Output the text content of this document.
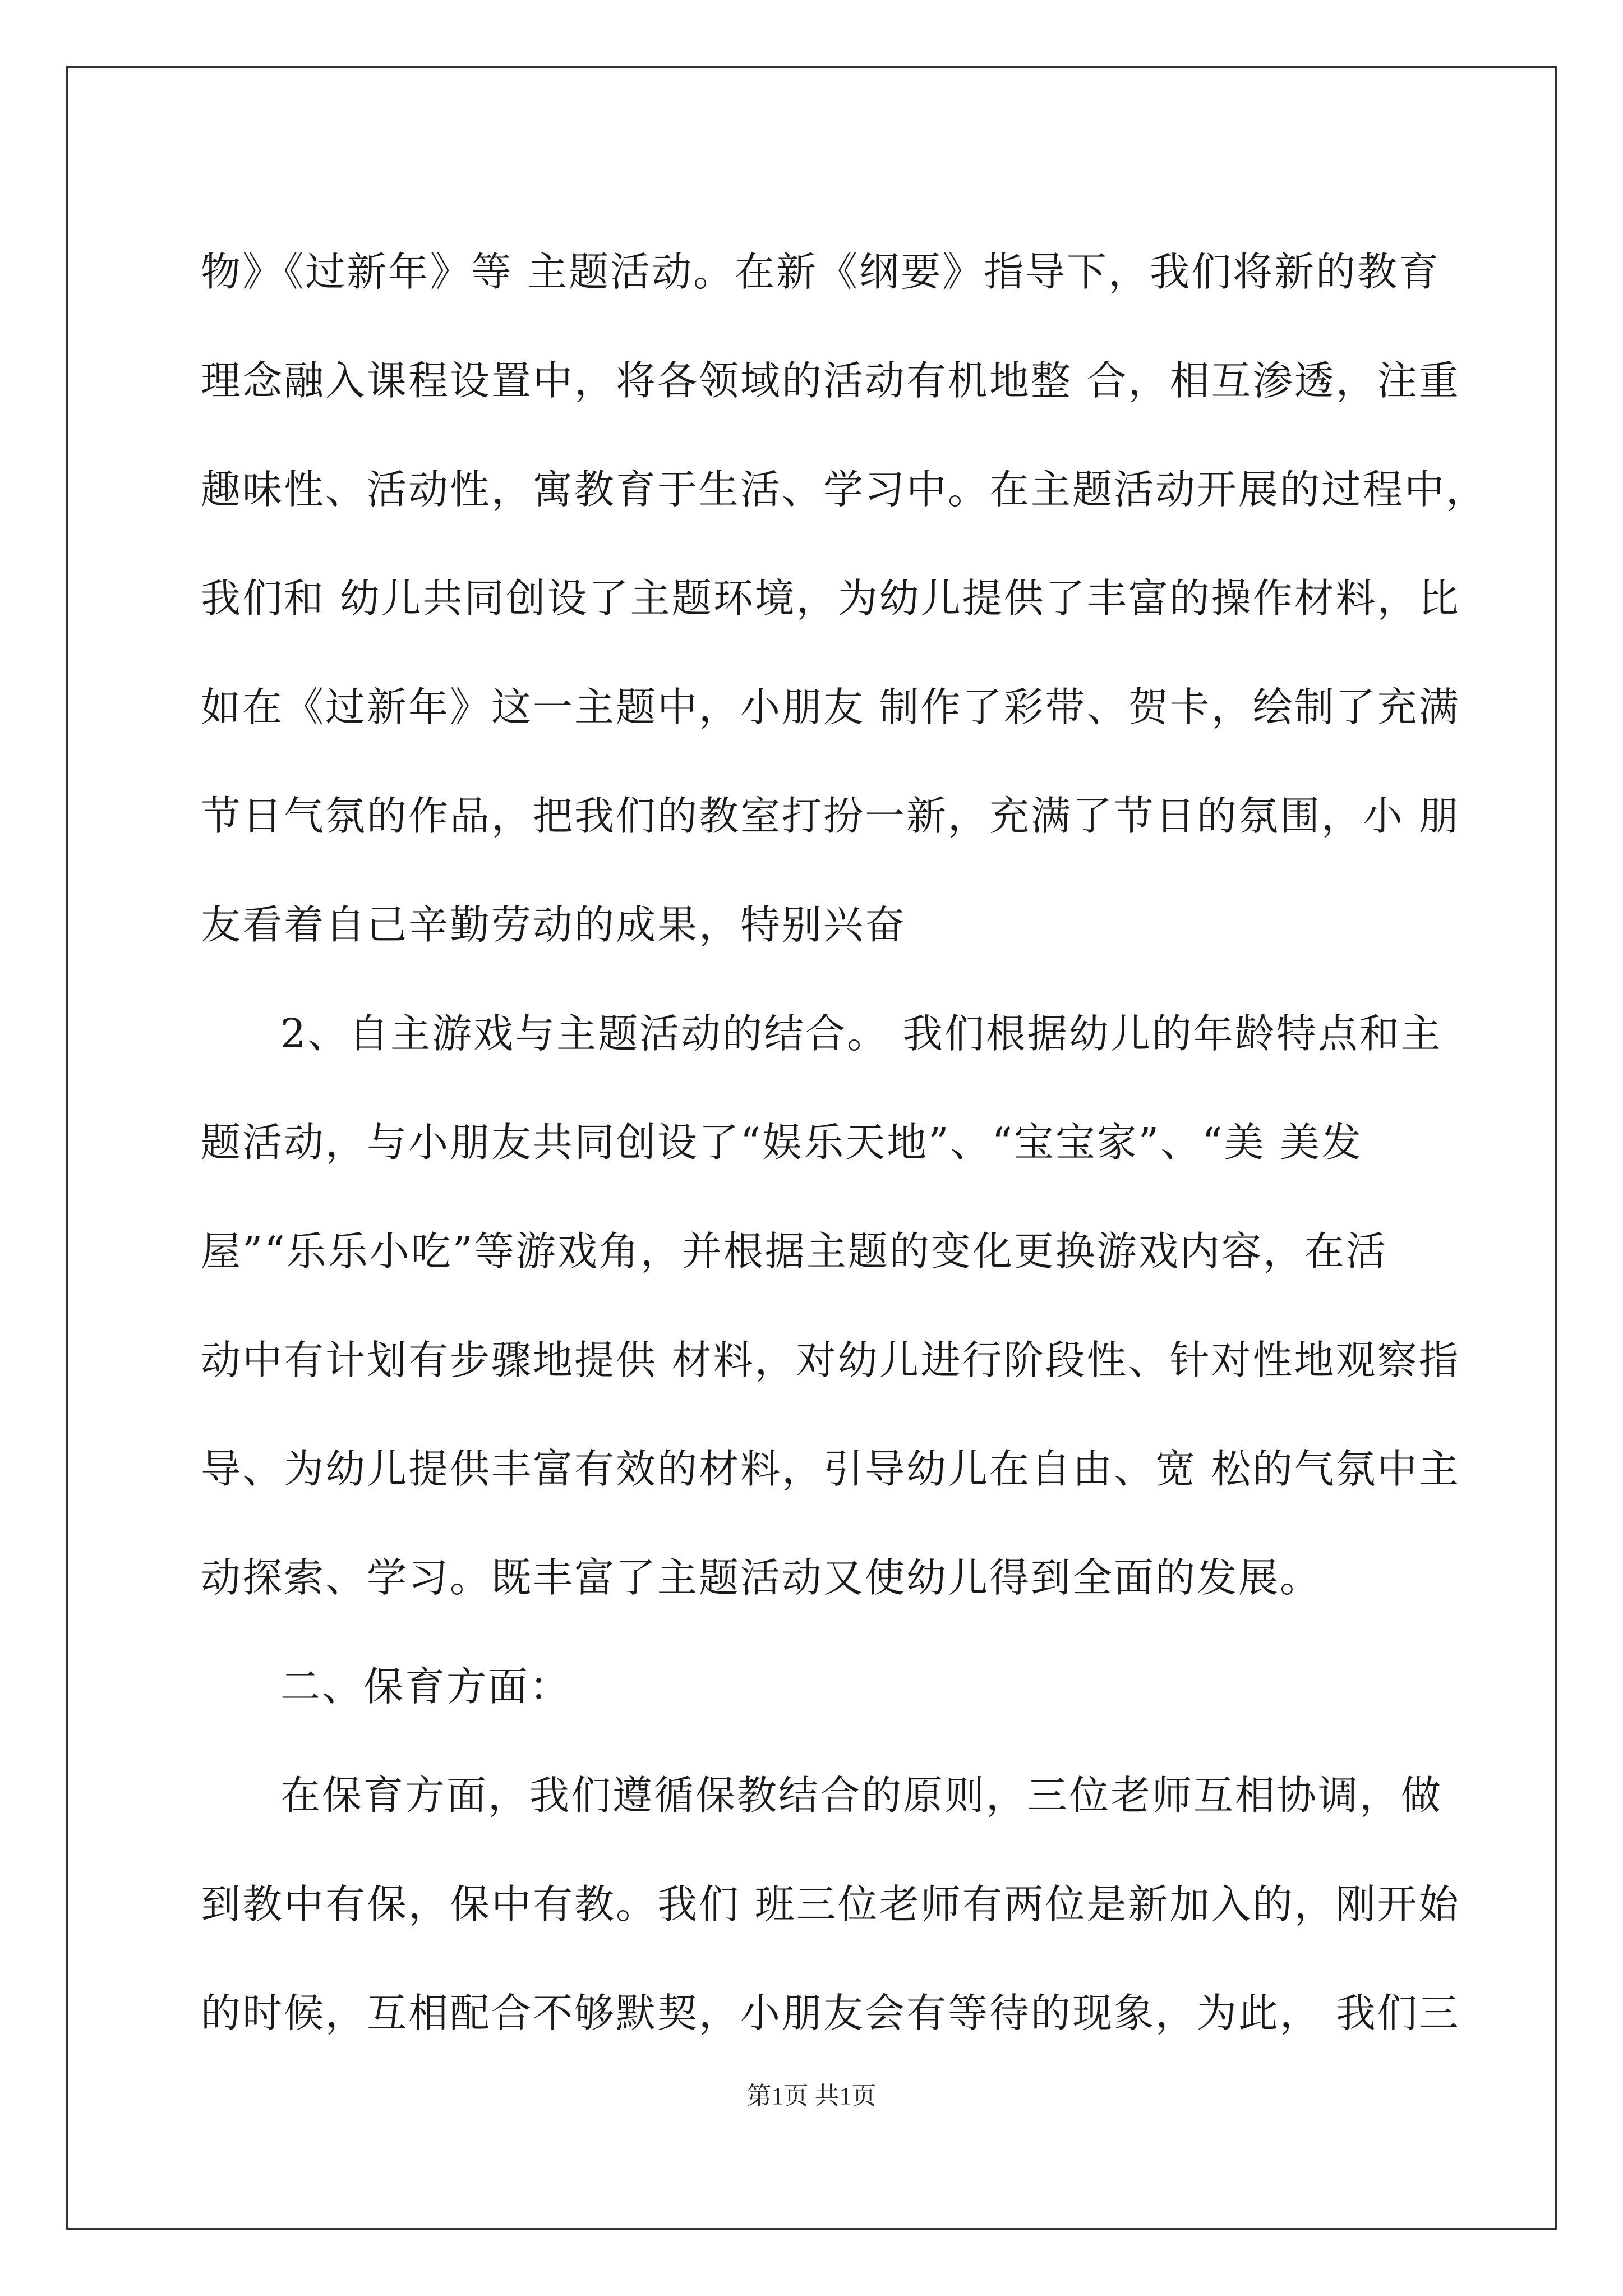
物》《过新年》等 主题活动。在新《纲要》指导下，我们将新的教育
理念融入课程设置中，将各领域的活动有机地整 合，相互渗透，注重
趣味性、活动性，寓教育于生活、学习中。在主题活动开展的过程中，
我们和 幼儿共同创设了主题环境，为幼儿提供了丰富的操作材料，比
如在《过新年》这一主题中，小朋友 制作了彩带、贺卡，绘制了充满
节日气氛的作品，把我们的教室打扮一新，充满了节日的氛围，小 朋
友看着自己辛勤劳动的成果，特别兴奋
2、自主游戏与主题活动的结合。 我们根据幼儿的年龄特点和主
题活动，与小朋友共同创设了“娱乐天地”、“宝宝家”、“美 美发
屋”“乐乐小吃”等游戏角，并根据主题的变化更换游戏内容，在活
动中有计划有步骤地提供 材料，对幼儿进行阶段性、针对性地观察指
导、为幼儿提供丰富有效的材料，引导幼儿在自由、宽 松的气氛中主
动探索、学习。既丰富了主题活动又使幼儿得到全面的发展。
二、保育方面：
在保育方面，我们遵循保教结合的原则，三位老师互相协调，做
到教中有保，保中有教。我们 班三位老师有两位是新加入的，刚开始
的时候，互相配合不够默契，小朋友会有等待的现象，为此， 我们三
第1页 共1页
